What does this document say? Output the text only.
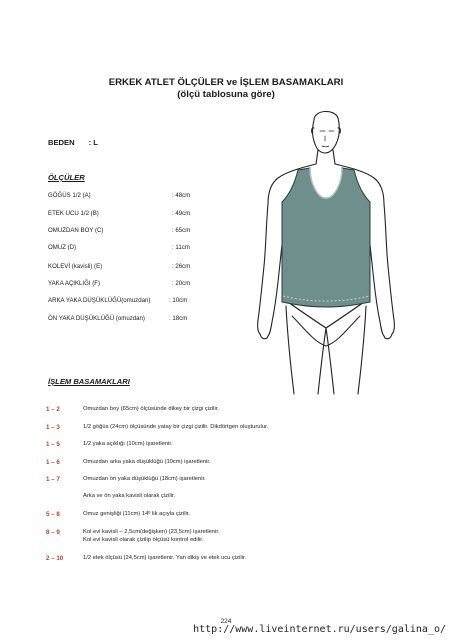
ERKEK ATLET ÖLÇÜLER ve İŞLEM BASAMAKLARI
(ölçü tablosuna göre)
BEDEN : L
ÖLÇÜLER
GÖĞÜS 1/2 (A)	: 48cm
ETEK UCU 1/2 (B)	: 49cm
OMUZDAN BOY (C)	: 65cm
OMUZ (D)	: 11cm
KOLEVİ (kavisli) (E)	: 26cm
YAKA AÇIKLIĞI (F)	: 20cm
ARKA YAKA DÜŞÜKLÜĞÜ(omuzdan)	: 10cm
ÖN YAKA DÜŞÜKLÜĞÜ (omuzdan)	: 18cm
İŞLEM BASAMAKLARI
1 – 2	Omuzdan boy (65cm) ölçüsünde dikey bir çizgi çizilir.
1 – 3	1/2 göğüs (24cm) ölçüsünde yatay bir çizgi çizilir. Dikdörtgen oluşturulur.
1 – 5	1/2 yaka açıklığı (10cm) işaretlenir.
1 – 6	Omuzdan arka yaka düşüklüğü (10cm) işaretlenir.
1 – 7	Omuzdan ön yaka düşüklüğü (18cm) işaretlenir.
Arka ve ön yaka kavisli olarak çizilir.
5 – 8	Omuz genişliği (11cm) 14º lik açıyla çizilir.
8 – 9	Kol evi kavisli – 2,5cm(değişken) (23,5cm) işaretlenir.
Kol evi kavisli olarak çizilip ölçüsü kontrol edilir.
2 – 10	1/2 etek ölçüsü (24,5cm) işaretlenir. Yan dikiş ve etek ucu çizilir.
224
http://www.liveinternet.ru/users/galina_o/
